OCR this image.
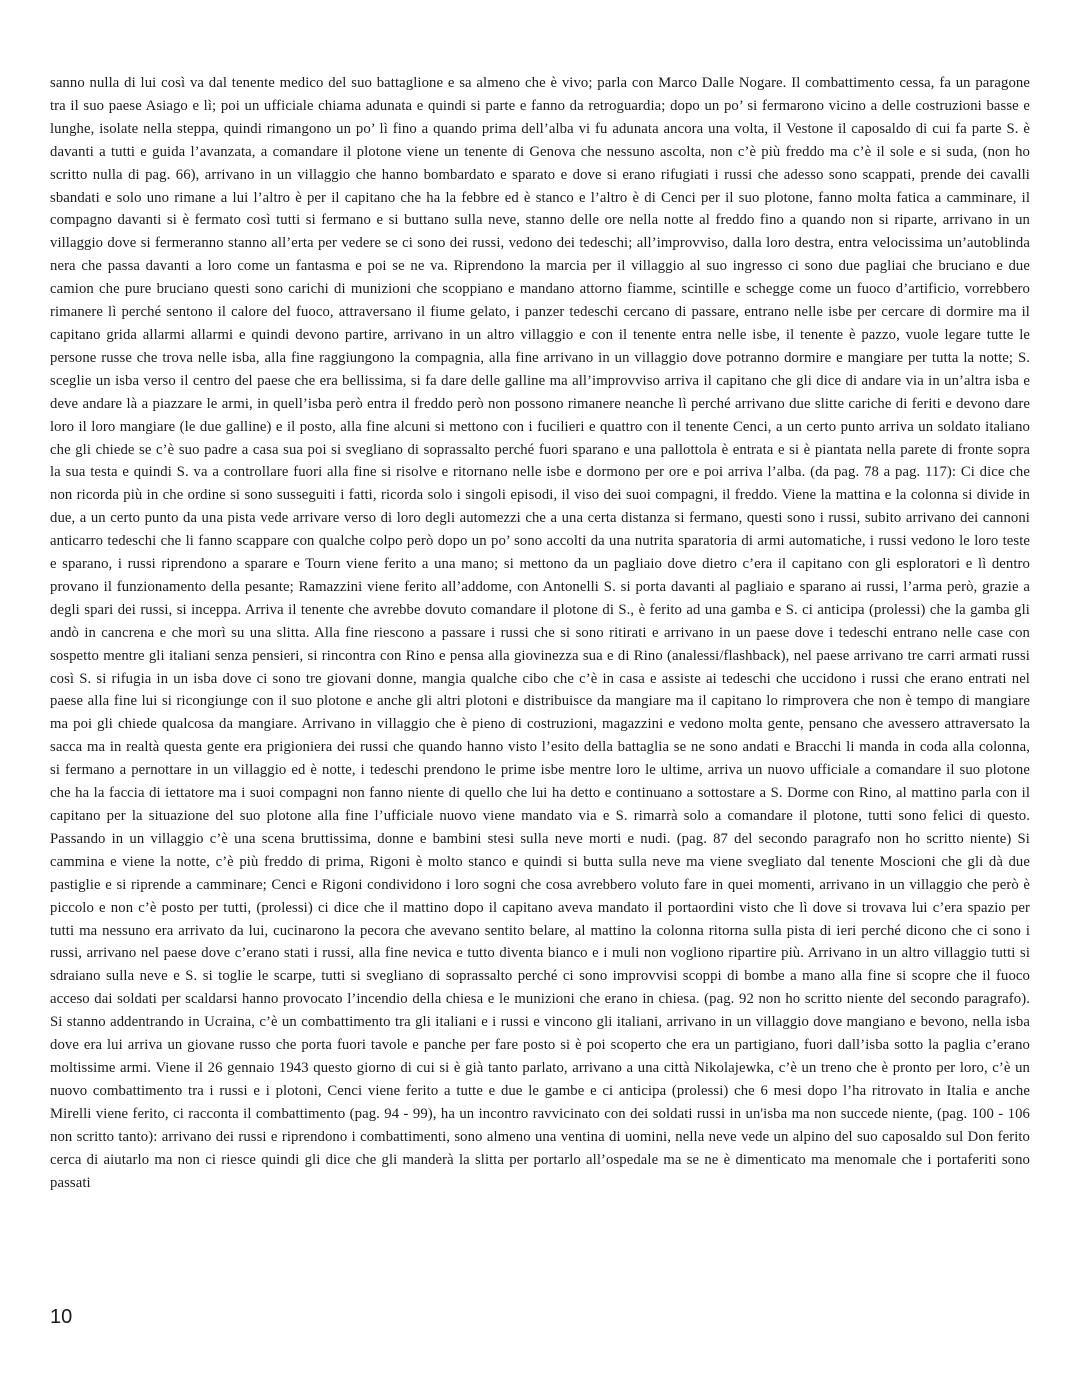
sanno nulla di lui così va dal tenente medico del suo battaglione e sa almeno che è vivo; parla con Marco Dalle Nogare. Il combattimento cessa, fa un paragone tra il suo paese Asiago e lì; poi un ufficiale chiama adunata e quindi si parte e fanno da retroguardia; dopo un po’ si fermarono vicino a delle costruzioni basse e lunghe, isolate nella steppa, quindi rimangono un po’ lì fino a quando prima dell’alba vi fu adunata ancora una volta, il Vestone il caposaldo di cui fa parte S. è davanti a tutti e guida l’avanzata, a comandare il plotone viene un tenente di Genova che nessuno ascolta, non c’è più freddo ma c’è il sole e si suda, (non ho scritto nulla di pag. 66), arrivano in un villaggio che hanno bombardato e sparato e dove si erano rifugiati i russi che adesso sono scappati, prende dei cavalli sbandati e solo uno rimane a lui l’altro è per il capitano che ha la febbre ed è stanco e l’altro è di Cenci per il suo plotone, fanno molta fatica a camminare, il compagno davanti si è fermato così tutti si fermano e si buttano sulla neve, stanno delle ore nella notte al freddo fino a quando non si riparte, arrivano in un villaggio dove si fermeranno stanno all’erta per vedere se ci sono dei russi, vedono dei tedeschi; all’improvviso, dalla loro destra, entra velocissima un’autoblinda nera che passa davanti a loro come un fantasma e poi se ne va. Riprendono la marcia per il villaggio al suo ingresso ci sono due pagliai che bruciano e due camion che pure bruciano questi sono carichi di munizioni che scoppiano e mandano attorno fiamme, scintille e schegge come un fuoco d’artificio, vorrebbero rimanere lì perché sentono il calore del fuoco, attraversano il fiume gelato, i panzer tedeschi cercano di passare, entrano nelle isbe per cercare di dormire ma il capitano grida allarmi allarmi e quindi devono partire, arrivano in un altro villaggio e con il tenente entra nelle isbe, il tenente è pazzo, vuole legare tutte le persone russe che trova nelle isba, alla fine raggiungono la compagnia, alla fine arrivano in un villaggio dove potranno dormire e mangiare per tutta la notte; S. sceglie un isba verso il centro del paese che era bellissima, si fa dare delle galline ma all’improvviso arriva il capitano che gli dice di andare via in un’altra isba e deve andare là a piazzare le armi, in quell’isba però entra il freddo però non possono rimanere neanche lì perché arrivano due slitte cariche di feriti e devono dare loro il loro mangiare (le due galline) e il posto, alla fine alcuni si mettono con i fucilieri e quattro con il tenente Cenci, a un certo punto arriva un soldato italiano che gli chiede se c’è suo padre a casa sua poi si svegliano di soprassalto perché fuori sparano e una pallottola è entrata e si è piantata nella parete di fronte sopra la sua testa e quindi S. va a controllare fuori alla fine si risolve e ritornano nelle isbe e dormono per ore e poi arriva l’alba. (da pag. 78 a pag. 117): Ci dice che non ricorda più in che ordine si sono susseguiti i fatti, ricorda solo i singoli episodi, il viso dei suoi compagni, il freddo. Viene la mattina e la colonna si divide in due, a un certo punto da una pista vede arrivare verso di loro degli automezzi che a una certa distanza si fermano, questi sono i russi, subito arrivano dei cannoni anticarro tedeschi che li fanno scappare con qualche colpo però dopo un po’ sono accolti da una nutrita sparatoria di armi automatiche, i russi vedono le loro teste e sparano, i russi riprendono a sparare e Tourn viene ferito a una mano; si mettono da un pagliaio dove dietro c’era il capitano con gli esploratori e lì dentro provano il funzionamento della pesante; Ramazzini viene ferito all’addome, con Antonelli S. si porta davanti al pagliaio e sparano ai russi, l’arma però, grazie a degli spari dei russi, si inceppa. Arriva il tenente che avrebbe dovuto comandare il plotone di S., è ferito ad una gamba e S. ci anticipa (prolessi) che la gamba gli andò in cancrena e che morì su una slitta. Alla fine riescono a passare i russi che si sono ritirati e arrivano in un paese dove i tedeschi entrano nelle case con sospetto mentre gli italiani senza pensieri, si rincontra con Rino e pensa alla giovinezza sua e di Rino (analessi/flashback), nel paese arrivano tre carri armati russi così S. si rifugia in un isba dove ci sono tre giovani donne, mangia qualche cibo che c’è in casa e assiste ai tedeschi che uccidono i russi che erano entrati nel paese alla fine lui si ricongiunge con il suo plotone e anche gli altri plotoni e distribuisce da mangiare ma il capitano lo rimprovera che non è tempo di mangiare ma poi gli chiede qualcosa da mangiare. Arrivano in villaggio che è pieno di costruzioni, magazzini e vedono molta gente, pensano che avessero attraversato la sacca ma in realtà questa gente era prigioniera dei russi che quando hanno visto l’esito della battaglia se ne sono andati e Bracchi li manda in coda alla colonna, si fermano a pernottare in un villaggio ed è notte, i tedeschi prendono le prime isbe mentre loro le ultime, arriva un nuovo ufficiale a comandare il suo plotone che ha la faccia di iettatore ma i suoi compagni non fanno niente di quello che lui ha detto e continuano a sottostare a S. Dorme con Rino, al mattino parla con il capitano per la situazione del suo plotone alla fine l’ufficiale nuovo viene mandato via e S. rimarrà solo a comandare il plotone, tutti sono felici di questo. Passando in un villaggio c’è una scena bruttissima, donne e bambini stesi sulla neve morti e nudi. (pag. 87 del secondo paragrafo non ho scritto niente) Si cammina e viene la notte, c’è più freddo di prima, Rigoni è molto stanco e quindi si butta sulla neve ma viene svegliato dal tenente Moscioni che gli dà due pastiglie e si riprende a camminare; Cenci e Rigoni condividono i loro sogni che cosa avrebbero voluto fare in quei momenti, arrivano in un villaggio che però è piccolo e non c’è posto per tutti, (prolessi) ci dice che il mattino dopo il capitano aveva mandato il portaordini visto che lì dove si trovava lui c’era spazio per tutti ma nessuno era arrivato da lui, cucinarono la pecora che avevano sentito belare, al mattino la colonna ritorna sulla pista di ieri perché dicono che ci sono i russi, arrivano nel paese dove c’erano stati i russi, alla fine nevica e tutto diventa bianco e i muli non vogliono ripartire più. Arrivano in un altro villaggio tutti si sdraiano sulla neve e S. si toglie le scarpe, tutti si svegliano di soprassalto perché ci sono improvvisi scoppi di bombe a mano alla fine si scopre che il fuoco acceso dai soldati per scaldarsi hanno provocato l’incendio della chiesa e le munizioni che erano in chiesa. (pag. 92 non ho scritto niente del secondo paragrafo). Si stanno addentrando in Ucraina, c’è un combattimento tra gli italiani e i russi e vincono gli italiani, arrivano in un villaggio dove mangiano e bevono, nella isba dove era lui arriva un giovane russo che porta fuori tavole e panche per fare posto si è poi scoperto che era un partigiano, fuori dall’isba sotto la paglia c’erano moltissime armi. Viene il 26 gennaio 1943 questo giorno di cui si è già tanto parlato, arrivano a una città Nikolajewka, c’è un treno che è pronto per loro, c’è un nuovo combattimento tra i russi e i plotoni, Cenci viene ferito a tutte e due le gambe e ci anticipa (prolessi) che 6 mesi dopo l’ha ritrovato in Italia e anche Mirelli viene ferito, ci racconta il combattimento (pag. 94 - 99), ha un incontro ravvicinato con dei soldati russi in un'isba ma non succede niente, (pag. 100 - 106 non scritto tanto): arrivano dei russi e riprendono i combattimenti, sono almeno una ventina di uomini, nella neve vede un alpino del suo caposaldo sul Don ferito cerca di aiutarlo ma non ci riesce quindi gli dice che gli manderà la slitta per portarlo all’ospedale ma se ne è dimenticato ma menomale che i portaferiti sono passati

10
